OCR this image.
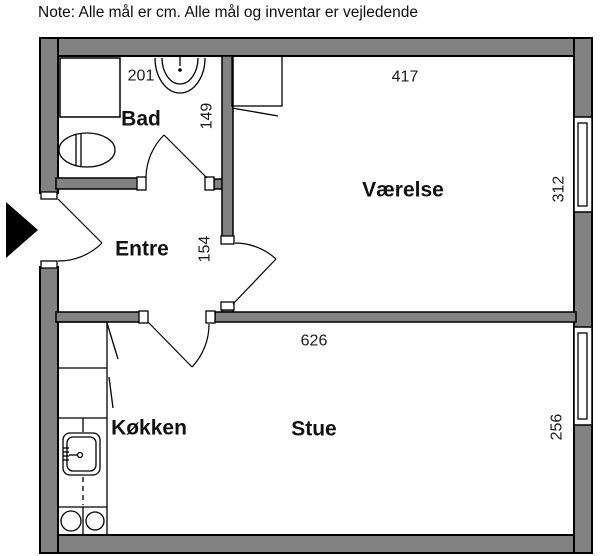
Note: Alle mål er cm. Alle mål og inventar er vejledende
Bad
Entre
Værelse
Køkken	Stue
201	417
626
149
154
312
256
